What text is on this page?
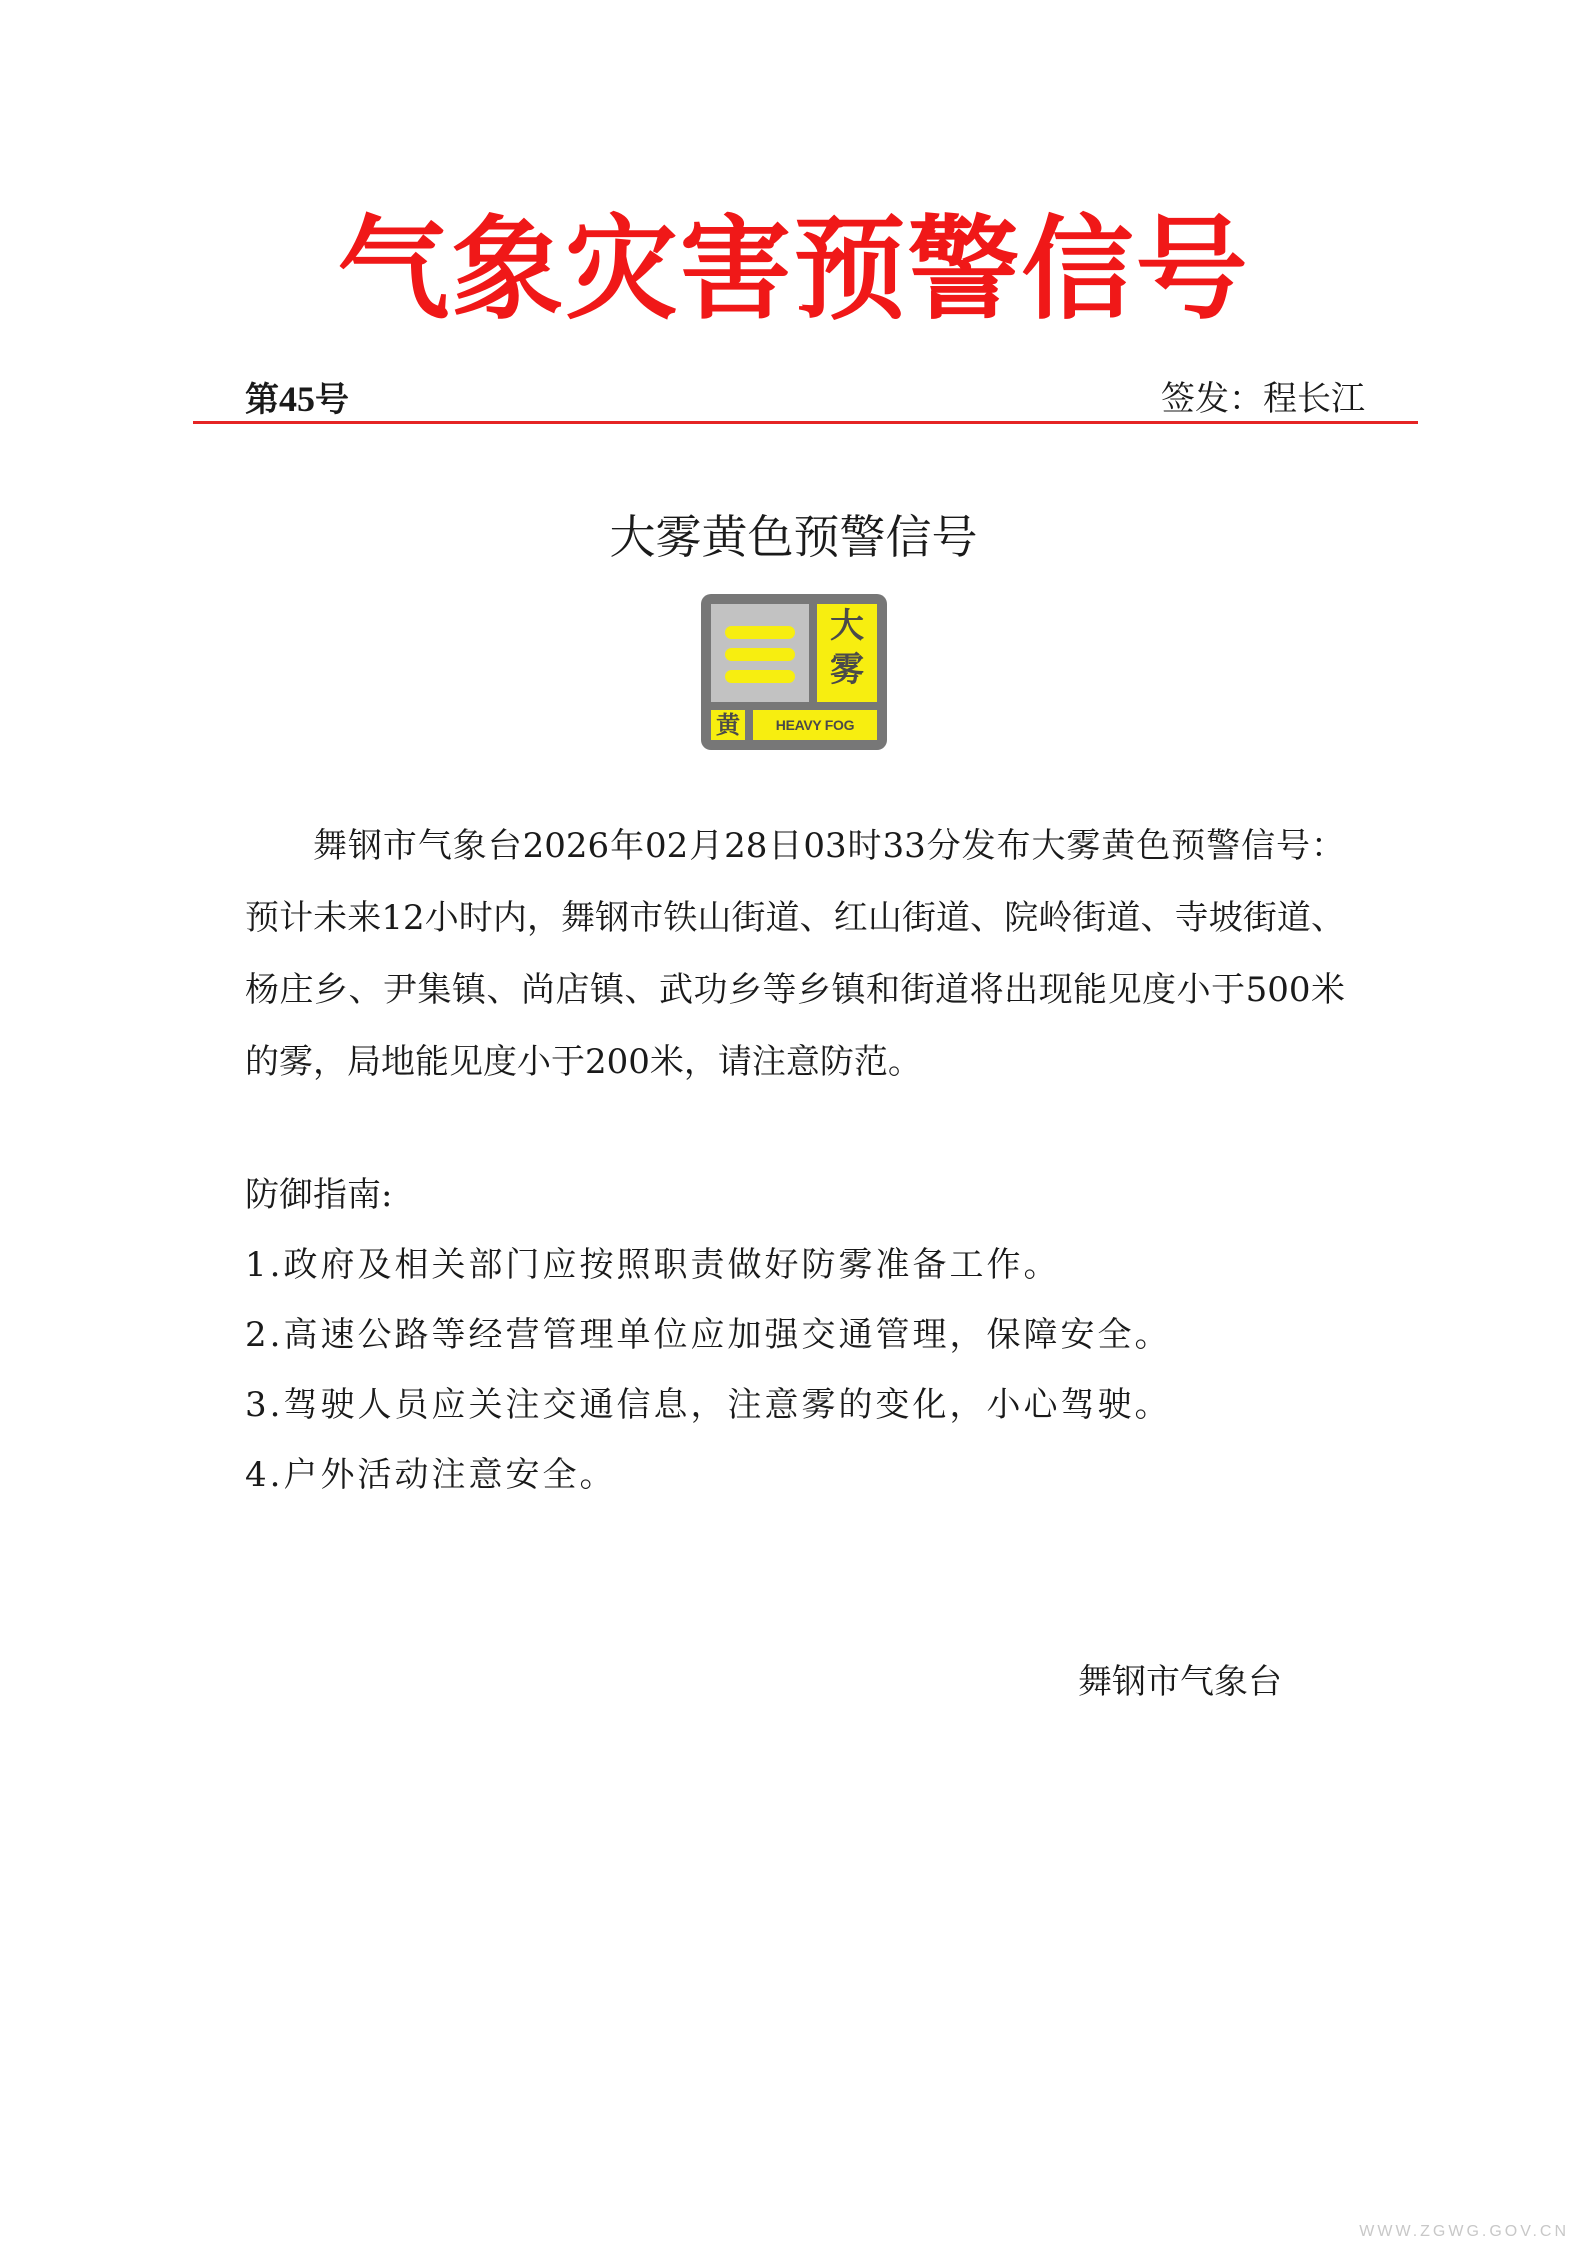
气象灾害预警信号
第45号	签发：程长江
大雾黄色预警信号
大
雾
黄	HEAVY FOG

舞钢市气象台2026年02月28日03时33分发布大雾黄色预警信号：预计未来12小时内，舞钢市铁山街道、红山街道、院岭街道、寺坡街道、杨庄乡、尹集镇、尚店镇、武功乡等乡镇和街道将出现能见度小于500米的雾，局地能见度小于200米，请注意防范。

防御指南:
1.政府及相关部门应按照职责做好防雾准备工作。
2.高速公路等经营管理单位应加强交通管理，保障安全。
3.驾驶人员应关注交通信息，注意雾的变化，小心驾驶。
4.户外活动注意安全。
舞钢市气象台
WWW.ZGWG.GOV.CN
